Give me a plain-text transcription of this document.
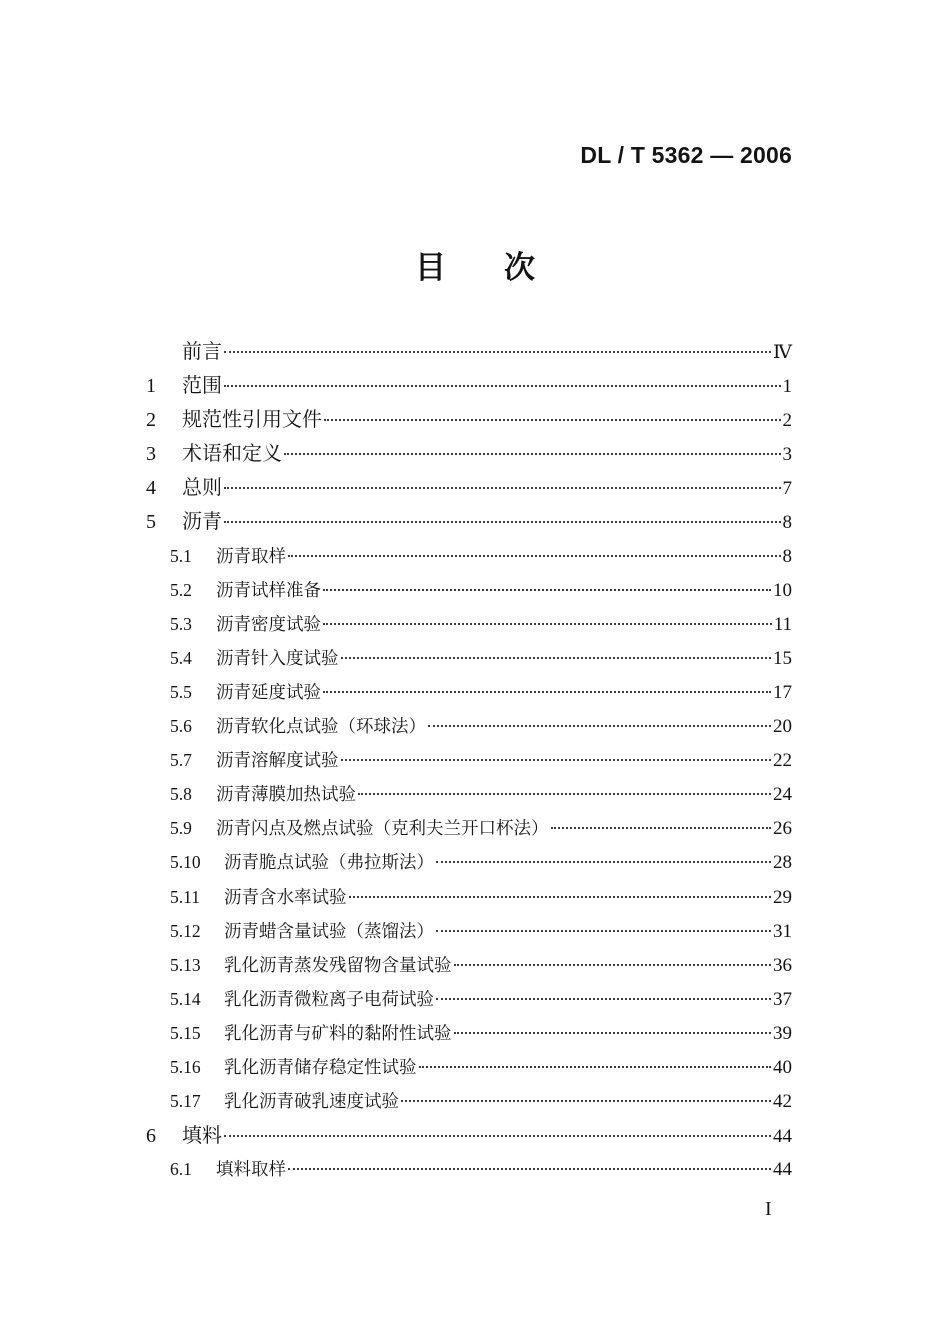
DL / T 5362 — 2006
目次
前言	Ⅳ
1	范围	1
2	规范性引用文件	2
3	术语和定义	3
4	总则	7
5	沥青	8
5.1	沥青取样	8
5.2	沥青试样准备	10
5.3	沥青密度试验	11
5.4	沥青针入度试验	15
5.5	沥青延度试验	17
5.6	沥青软化点试验（环球法）	20
5.7	沥青溶解度试验	22
5.8	沥青薄膜加热试验	24
5.9	沥青闪点及燃点试验（克利夫兰开口杯法）	26
5.10	沥青脆点试验（弗拉斯法）	28
5.11	沥青含水率试验	29
5.12	沥青蜡含量试验（蒸馏法）	31
5.13	乳化沥青蒸发残留物含量试验	36
5.14	乳化沥青微粒离子电荷试验	37
5.15	乳化沥青与矿料的黏附性试验	39
5.16	乳化沥青储存稳定性试验	40
5.17	乳化沥青破乳速度试验	42
6	填料	44
6.1	填料取样	44
I
